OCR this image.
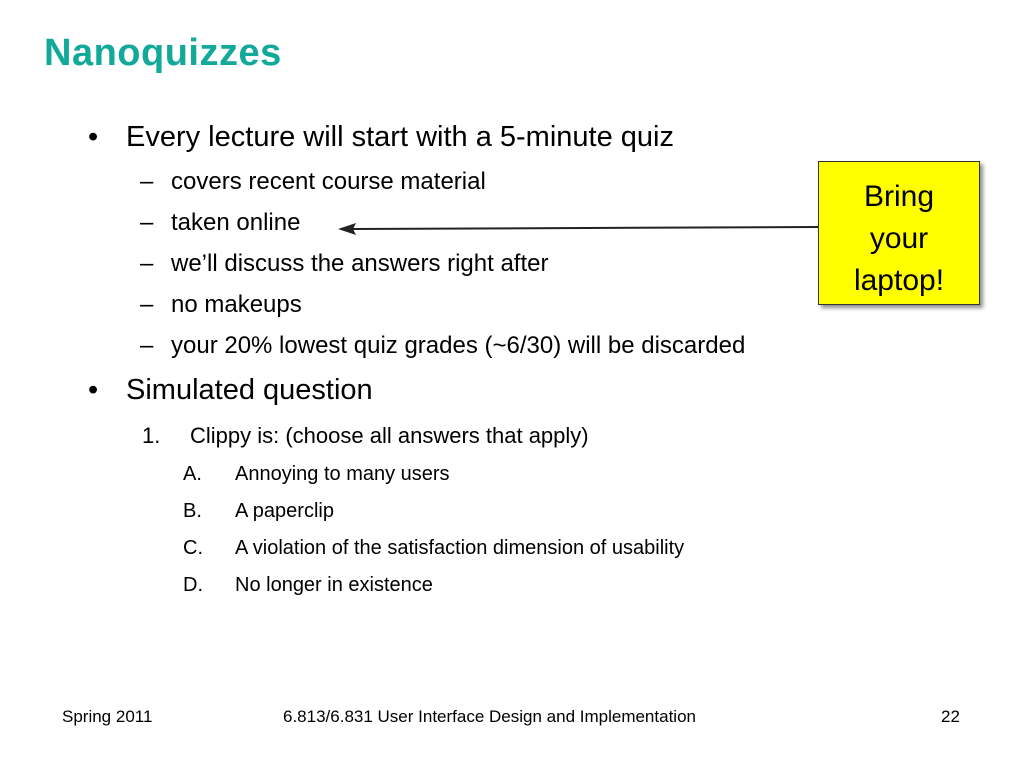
Nanoquizzes
• Every lecture will start with a 5-minute quiz
– covers recent course material
– taken online
– we’ll discuss the answers right after
– no makeups
– your 20% lowest quiz grades (~6/30) will be discarded
• Simulated question
1. Clippy is: (choose all answers that apply)
A. Annoying to many users
B. A paperclip
C. A violation of the satisfaction dimension of usability
D. No longer in existence
Bring
your
laptop!
Spring 2011	6.813/6.831 User Interface Design and Implementation	22
